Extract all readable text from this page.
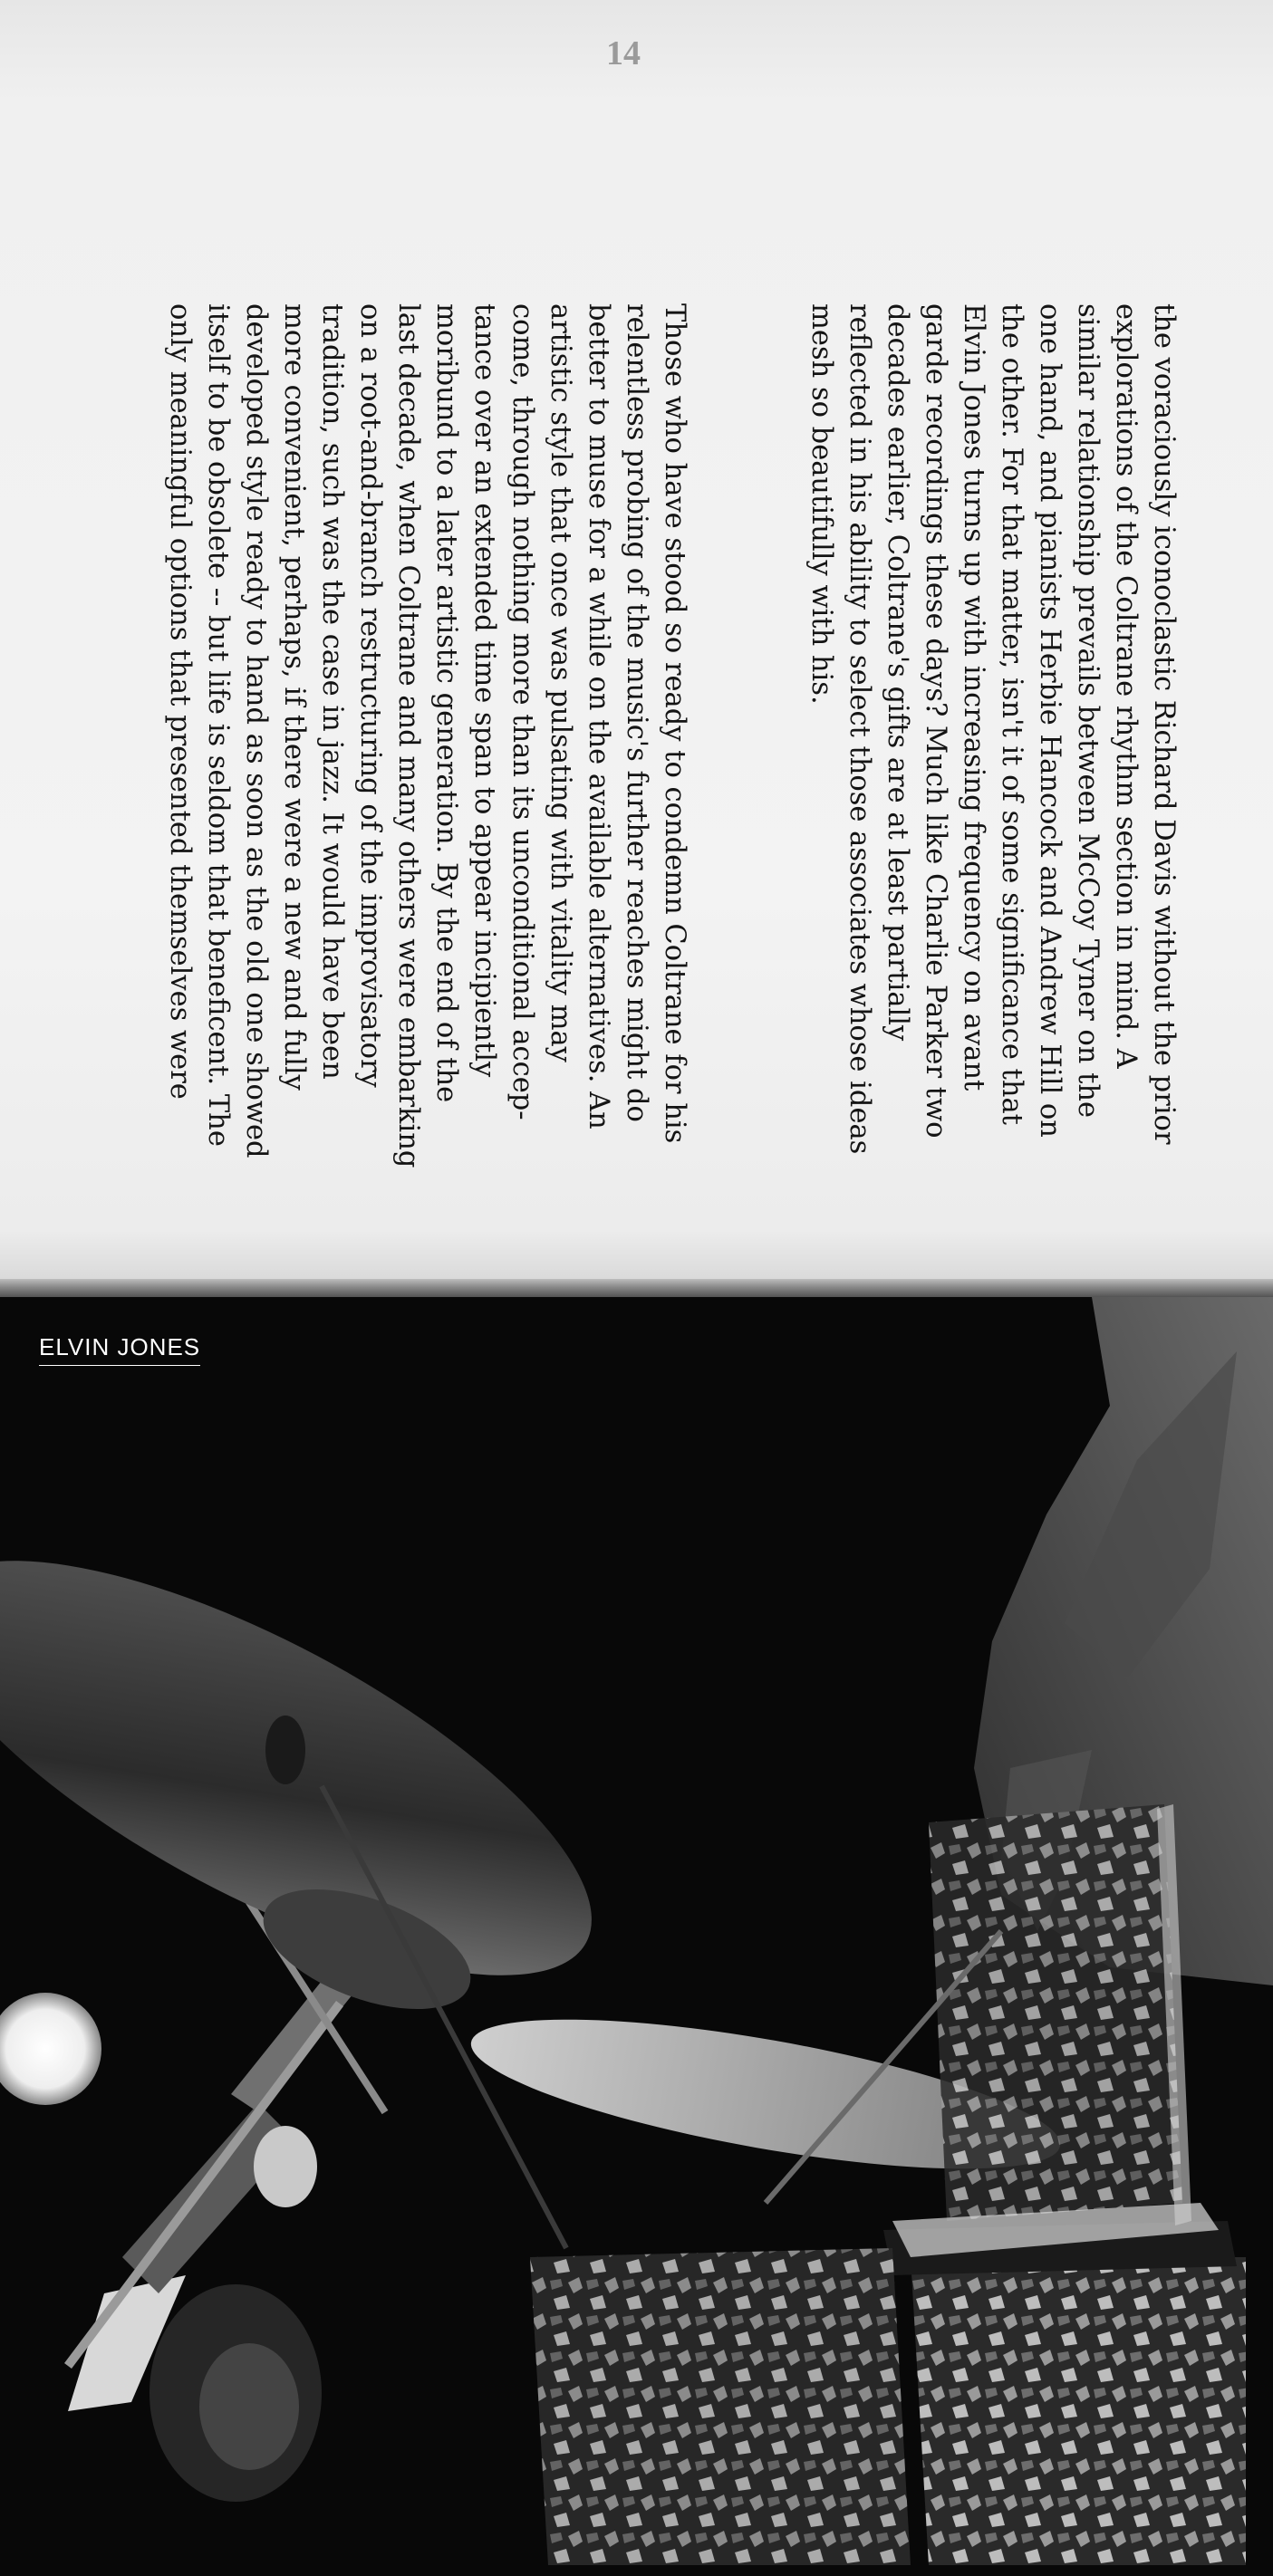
14

the voraciously iconoclastic Richard Davis without the prior

explorations of the Coltrane rhythm section in mind. A

similar relationship prevails between McCoy Tyner on the

one hand, and pianists Herbie Hancock and Andrew Hill on

the other. For that matter, isn't it of some significance that

Elvin Jones turns up with increasing frequency on avant

garde recordings these days? Much like Charlie Parker two

decades earlier, Coltrane's gifts are at least partially

reflected in his ability to select those associates whose ideas

mesh so beautifully with his.

Those who have stood so ready to condemn Coltrane for his

relentless probing of the music's further reaches might do

better to muse for a while on the available alternatives. An

artistic style that once was pulsating with vitality may

come, through nothing more than its unconditional accep-

tance over an extended time span to appear incipiently

moribund to a later artistic generation. By the end of the

last decade, when Coltrane and many others were embarking

on a root-and-branch restructuring of the improvisatory

tradition, such was the case in jazz. It would have been

more convenient, perhaps, if there were a new and fully

developed style ready to hand as soon as the old one showed

itself to be obsolete -- but life is seldom that beneficent. The

only meaningful options that presented themselves were

ELVIN JONES
